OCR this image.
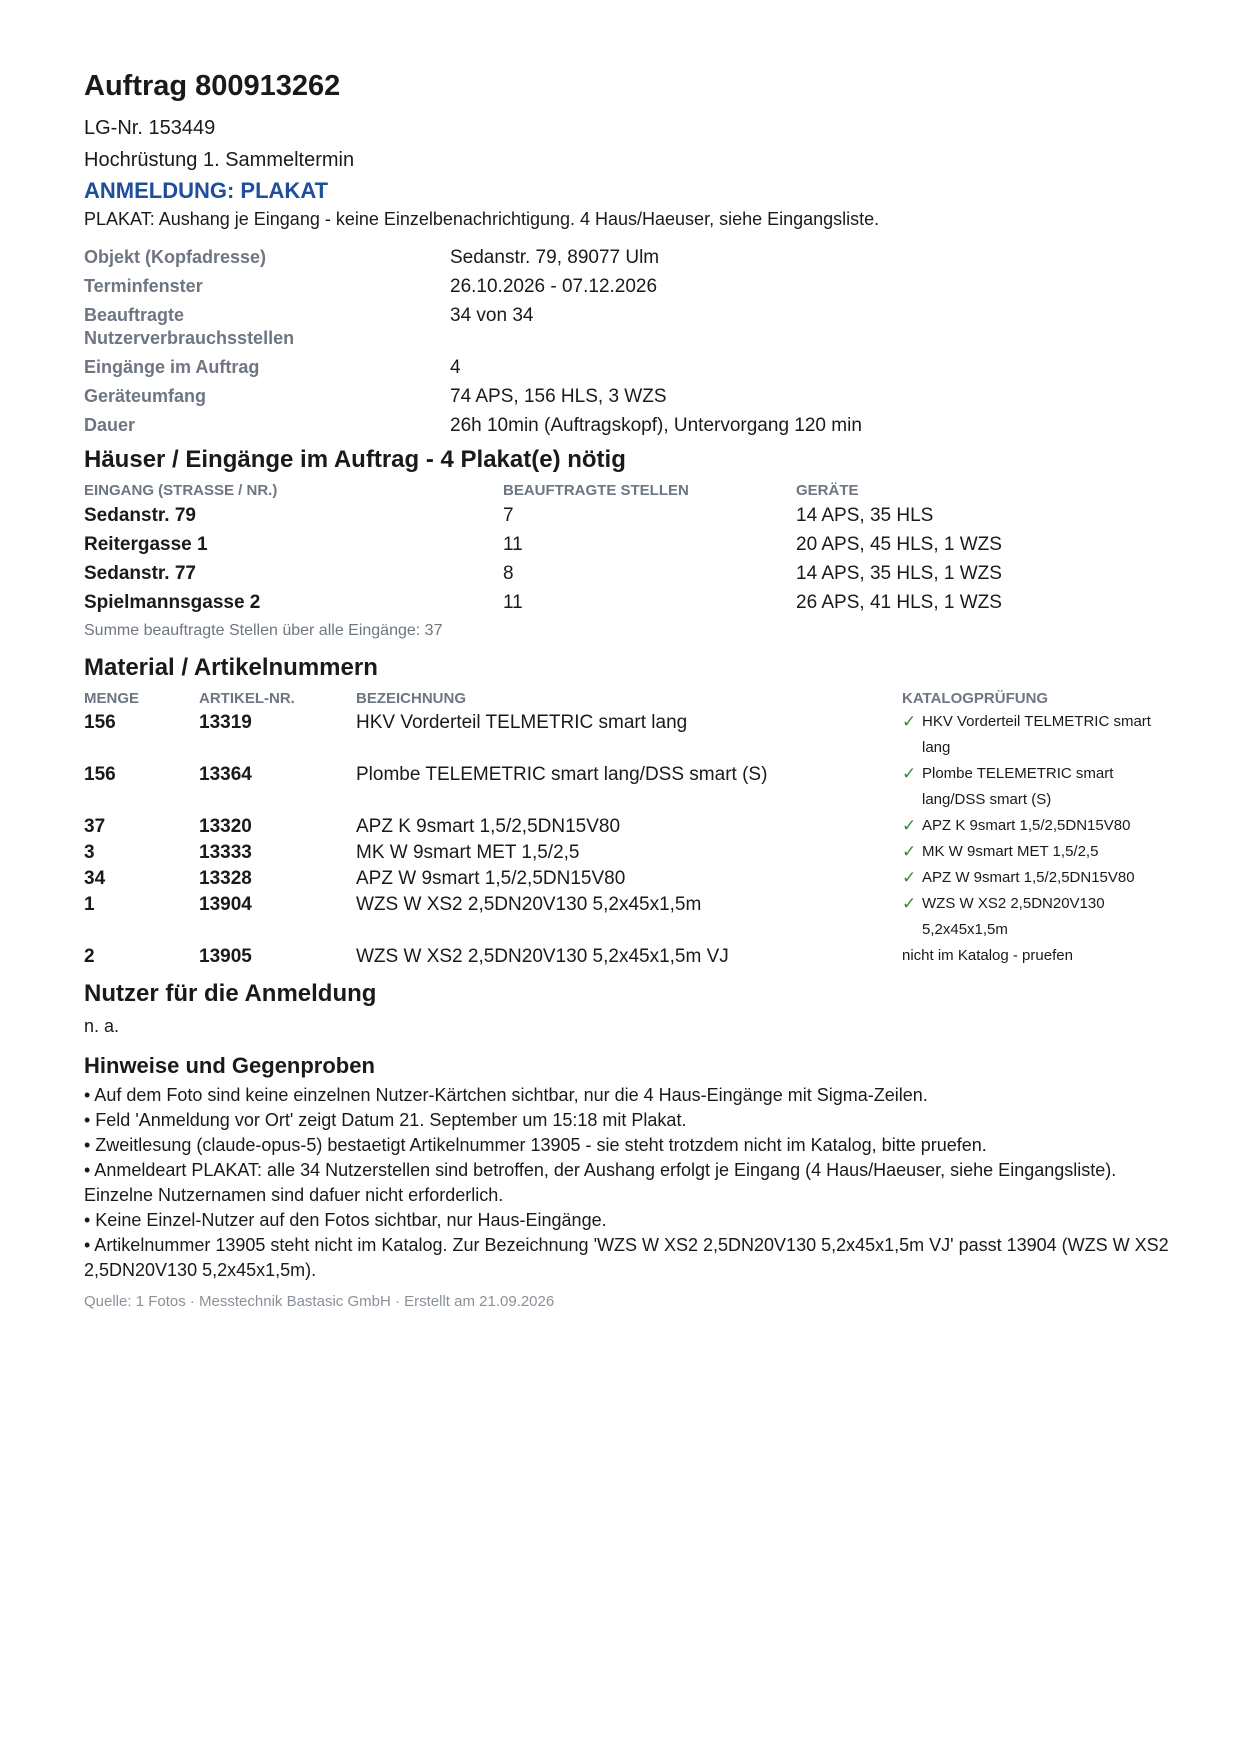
Auftrag 800913262
LG-Nr. 153449
Hochrüstung 1. Sammeltermin
ANMELDUNG: PLAKAT
PLAKAT: Aushang je Eingang - keine Einzelbenachrichtigung. 4 Haus/Haeuser, siehe Eingangsliste.
Objekt (Kopfadresse)	Sedanstr. 79, 89077 Ulm
Terminfenster	26.10.2026 - 07.12.2026
Beauftragte Nutzerverbrauchsstellen
34 von 34
Eingänge im Auftrag	4
Geräteumfang	74 APS, 156 HLS, 3 WZS
Dauer	26h 10min (Auftragskopf), Untervorgang 120 min
Häuser / Eingänge im Auftrag - 4 Plakat(e) nötig
EINGANG (STRASSE / NR.)	BEAUFTRAGTE STELLEN	GERÄTE
Sedanstr. 79	7	14 APS, 35 HLS
Reitergasse 1	11	20 APS, 45 HLS, 1 WZS
Sedanstr. 77	8	14 APS, 35 HLS, 1 WZS
Spielmannsgasse 2	11	26 APS, 41 HLS, 1 WZS
Summe beauftragte Stellen über alle Eingänge: 37
Material / Artikelnummern
MENGE	ARTIKEL-NR.	BEZEICHNUNG	KATALOGPRÜFUNG
156	13319	HKV Vorderteil TELMETRIC smart lang	✓ HKV Vorderteil TELMETRIC smart lang
156	13364	Plombe TELEMETRIC smart lang/DSS smart (S)	✓ Plombe TELEMETRIC smart lang/DSS smart (S)
37	13320	APZ K 9smart 1,5/2,5DN15V80	✓ APZ K 9smart 1,5/2,5DN15V80
3	13333	MK W 9smart MET 1,5/2,5	✓ MK W 9smart MET 1,5/2,5
34	13328	APZ W 9smart 1,5/2,5DN15V80	✓ APZ W 9smart 1,5/2,5DN15V80
1	13904	WZS W XS2 2,5DN20V130 5,2x45x1,5m	✓ WZS W XS2 2,5DN20V130 5,2x45x1,5m
2	13905	WZS W XS2 2,5DN20V130 5,2x45x1,5m VJ	nicht im Katalog - pruefen
Nutzer für die Anmeldung
n. a.
Hinweise und Gegenproben
• Auf dem Foto sind keine einzelnen Nutzer-Kärtchen sichtbar, nur die 4 Haus-Eingänge mit Sigma-Zeilen.
• Feld 'Anmeldung vor Ort' zeigt Datum 21. September um 15:18 mit Plakat.
• Zweitlesung (claude-opus-5) bestaetigt Artikelnummer 13905 - sie steht trotzdem nicht im Katalog, bitte pruefen.
• Anmeldeart PLAKAT: alle 34 Nutzerstellen sind betroffen, der Aushang erfolgt je Eingang (4 Haus/Haeuser, siehe Eingangsliste). Einzelne Nutzernamen sind dafuer nicht erforderlich.
• Keine Einzel-Nutzer auf den Fotos sichtbar, nur Haus-Eingänge.
• Artikelnummer 13905 steht nicht im Katalog. Zur Bezeichnung 'WZS W XS2 2,5DN20V130 5,2x45x1,5m VJ' passt 13904 (WZS W XS2 2,5DN20V130 5,2x45x1,5m).
Quelle: 1 Fotos · Messtechnik Bastasic GmbH · Erstellt am 21.09.2026
